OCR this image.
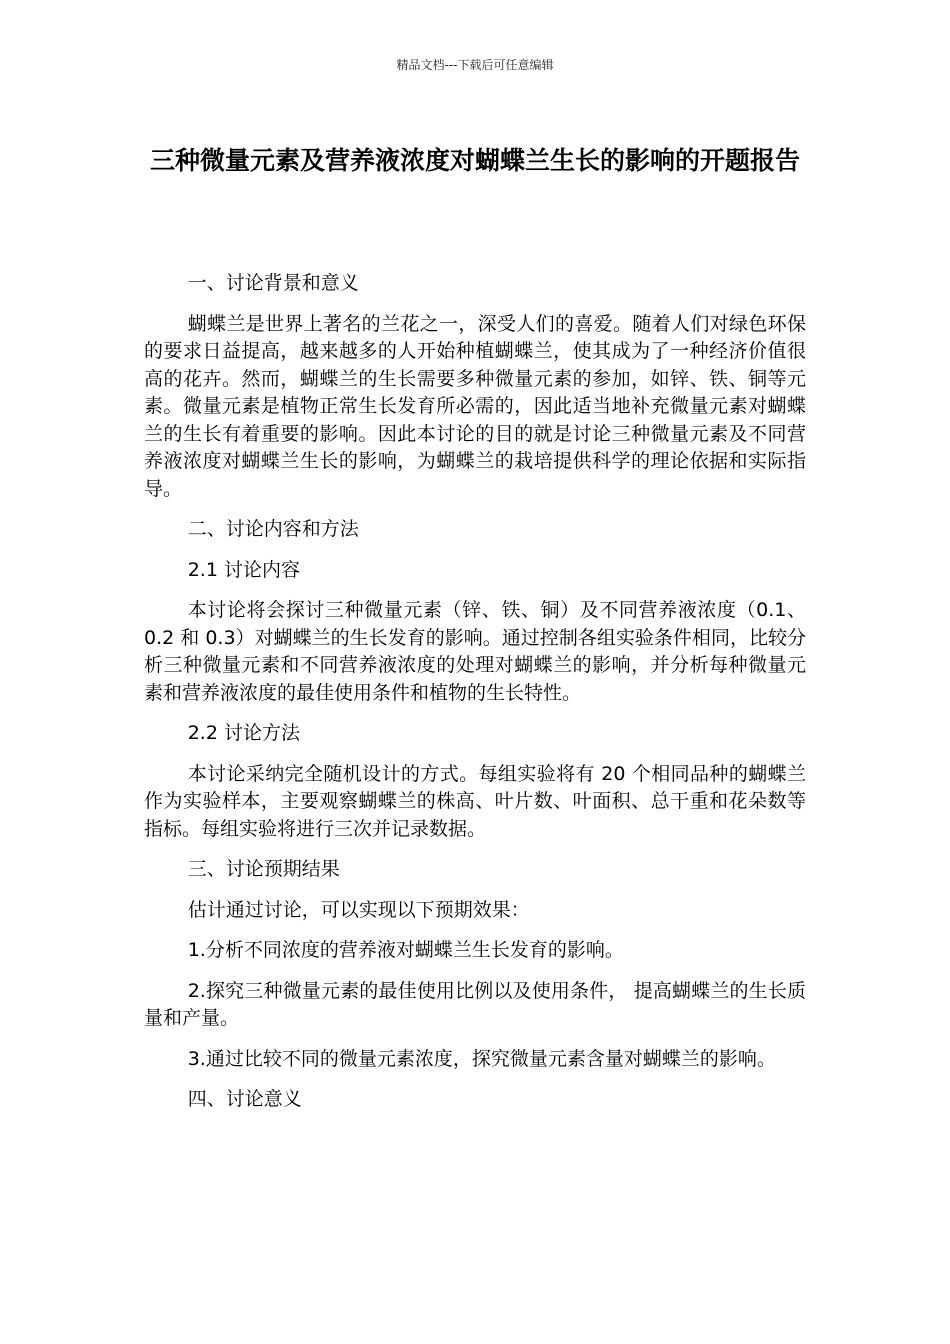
精品文档---下载后可任意编辑
三种微量元素及营养液浓度对蝴蝶兰生长的影响的开题报告

一、讨论背景和意义

蝴蝶兰是世界上著名的兰花之一，深受人们的喜爱。随着人们对绿色环保的要求日益提高，越来越多的人开始种植蝴蝶兰，使其成为了一种经济价值很高的花卉。然而，蝴蝶兰的生长需要多种微量元素的参加，如锌、铁、铜等元素。微量元素是植物正常生长发育所必需的，因此适当地补充微量元素对蝴蝶兰的生长有着重要的影响。因此本讨论的目的就是讨论三种微量元素及不同营养液浓度对蝴蝶兰生长的影响，为蝴蝶兰的栽培提供科学的理论依据和实际指导。

二、讨论内容和方法

2.1 讨论内容

本讨论将会探讨三种微量元素（锌、铁、铜）及不同营养液浓度（0.1、0.2 和 0.3）对蝴蝶兰的生长发育的影响。通过控制各组实验条件相同，比较分析三种微量元素和不同营养液浓度的处理对蝴蝶兰的影响，并分析每种微量元素和营养液浓度的最佳使用条件和植物的生长特性。

2.2 讨论方法

本讨论采纳完全随机设计的方式。每组实验将有 20 个相同品种的蝴蝶兰作为实验样本，主要观察蝴蝶兰的株高、叶片数、叶面积、总干重和花朵数等指标。每组实验将进行三次并记录数据。

三、讨论预期结果

估计通过讨论，可以实现以下预期效果：

1.分析不同浓度的营养液对蝴蝶兰生长发育的影响。

2.探究三种微量元素的最佳使用比例以及使用条件， 提高蝴蝶兰的生长质量和产量。

3.通过比较不同的微量元素浓度，探究微量元素含量对蝴蝶兰的影响。

四、讨论意义
